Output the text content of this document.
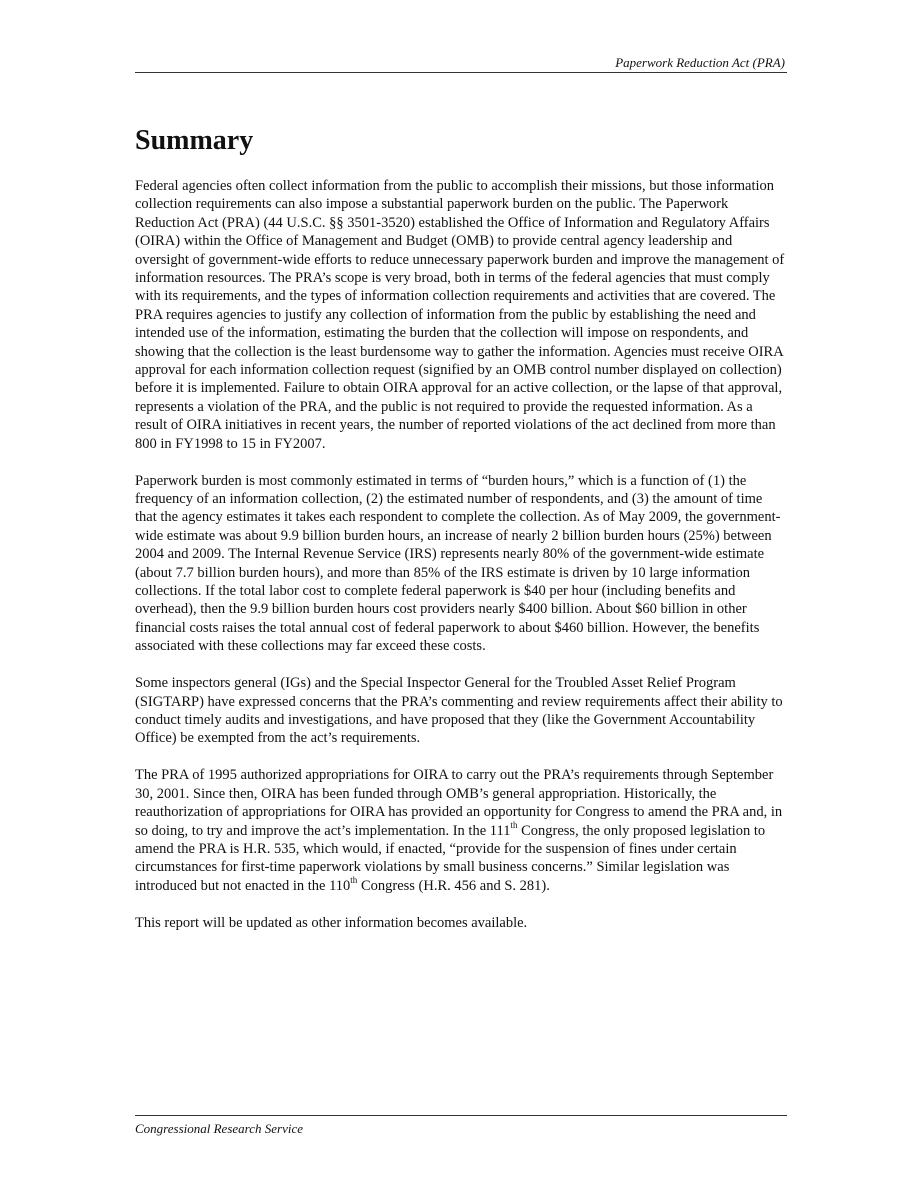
Paperwork Reduction Act (PRA)
Summary

Federal agencies often collect information from the public to accomplish their missions, but those information collection requirements can also impose a substantial paperwork burden on the public. The Paperwork Reduction Act (PRA) (44 U.S.C. §§ 3501-3520) established the Office of Information and Regulatory Affairs (OIRA) within the Office of Management and Budget (OMB) to provide central agency leadership and oversight of government-wide efforts to reduce unnecessary paperwork burden and improve the management of information resources. The PRA’s scope is very broad, both in terms of the federal agencies that must comply with its requirements, and the types of information collection requirements and activities that are covered. The PRA requires agencies to justify any collection of information from the public by establishing the need and intended use of the information, estimating the burden that the collection will impose on respondents, and showing that the collection is the least burdensome way to gather the information. Agencies must receive OIRA approval for each information collection request (signified by an OMB control number displayed on collection) before it is implemented. Failure to obtain OIRA approval for an active collection, or the lapse of that approval, represents a violation of the PRA, and the public is not required to provide the requested information. As a result of OIRA initiatives in recent years, the number of reported violations of the act declined from more than 800 in FY1998 to 15 in FY2007.

Paperwork burden is most commonly estimated in terms of “burden hours,” which is a function of (1) the frequency of an information collection, (2) the estimated number of respondents, and (3) the amount of time that the agency estimates it takes each respondent to complete the collection. As of May 2009, the government-wide estimate was about 9.9 billion burden hours, an increase of nearly 2 billion burden hours (25%) between 2004 and 2009. The Internal Revenue Service (IRS) represents nearly 80% of the government-wide estimate (about 7.7 billion burden hours), and more than 85% of the IRS estimate is driven by 10 large information collections. If the total labor cost to complete federal paperwork is $40 per hour (including benefits and overhead), then the 9.9 billion burden hours cost providers nearly $400 billion. About $60 billion in other financial costs raises the total annual cost of federal paperwork to about $460 billion. However, the benefits associated with these collections may far exceed these costs.

Some inspectors general (IGs) and the Special Inspector General for the Troubled Asset Relief Program (SIGTARP) have expressed concerns that the PRA’s commenting and review requirements affect their ability to conduct timely audits and investigations, and have proposed that they (like the Government Accountability Office) be exempted from the act’s requirements.

The PRA of 1995 authorized appropriations for OIRA to carry out the PRA’s requirements through September 30, 2001. Since then, OIRA has been funded through OMB’s general appropriation. Historically, the reauthorization of appropriations for OIRA has provided an opportunity for Congress to amend the PRA and, in so doing, to try and improve the act’s implementation. In the 111th Congress, the only proposed legislation to amend the PRA is H.R. 535, which would, if enacted, “provide for the suspension of fines under certain circumstances for first-time paperwork violations by small business concerns.” Similar legislation was introduced but not enacted in the 110th Congress (H.R. 456 and S. 281).

This report will be updated as other information becomes available.

Congressional Research Service
